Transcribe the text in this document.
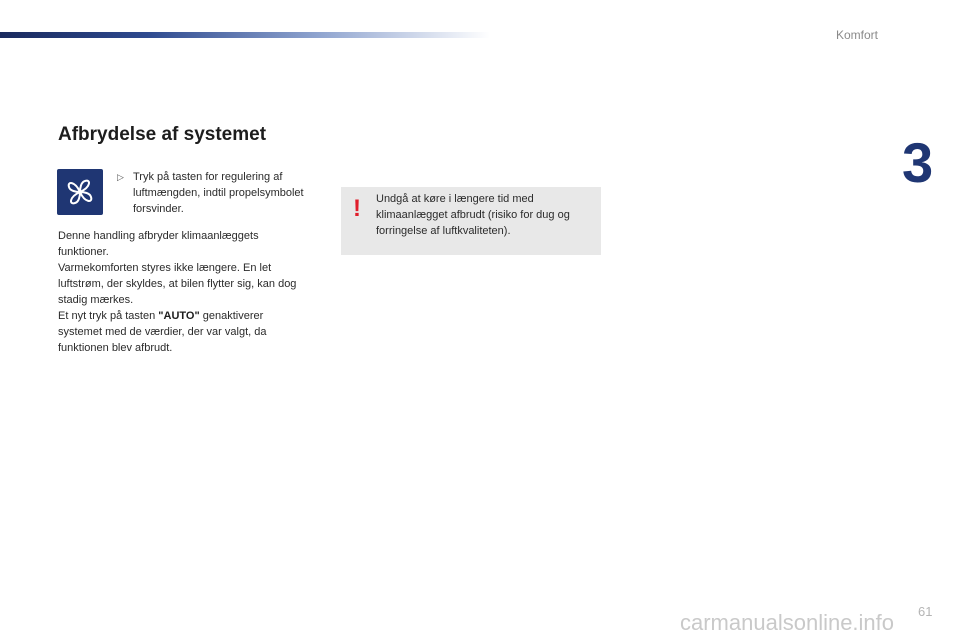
Komfort
3
Afbrydelse af systemet
▷ Tryk på tasten for regulering af luftmængden, indtil propelsymbolet forsvinder.

Denne handling afbryder klimaanlæggets funktioner.

Varmekomforten styres ikke længere. En let luftstrøm, der skyldes, at bilen flytter sig, kan dog stadig mærkes.

Et nyt tryk på tasten "AUTO" genaktiverer systemet med de værdier, der var valgt, da funktionen blev afbrudt.

! Undgå at køre i længere tid med klimaanlægget afbrudt (risiko for dug og forringelse af luftkvaliteten).
carmanualsonline.info 61
